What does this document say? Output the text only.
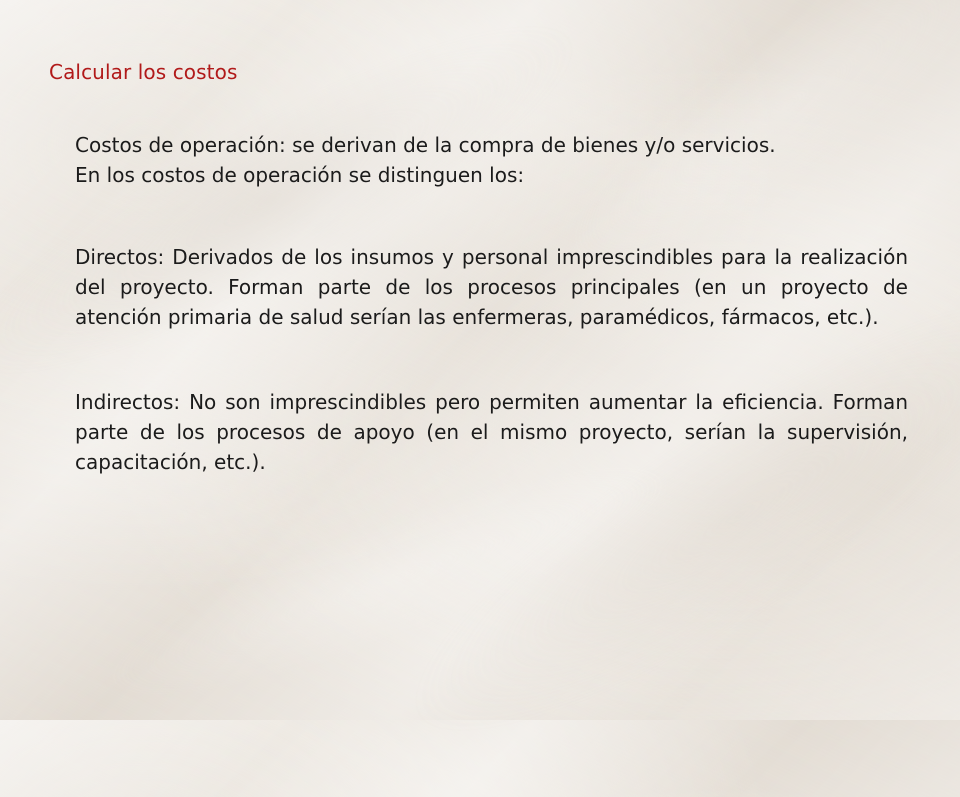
Calcular los costos

Costos de operación: se derivan de la compra de bienes y/o servicios.

En los costos de operación se distinguen los:

Directos: Derivados de los insumos y personal imprescindibles para la realización del proyecto. Forman parte de los procesos principales (en un proyecto de atención primaria de salud serían las enfermeras, paramédicos, fármacos, etc.).

Indirectos: No son imprescindibles pero permiten aumentar la eficiencia. Forman parte de los procesos de apoyo (en el mismo proyecto, serían la supervisión, capacitación, etc.).
